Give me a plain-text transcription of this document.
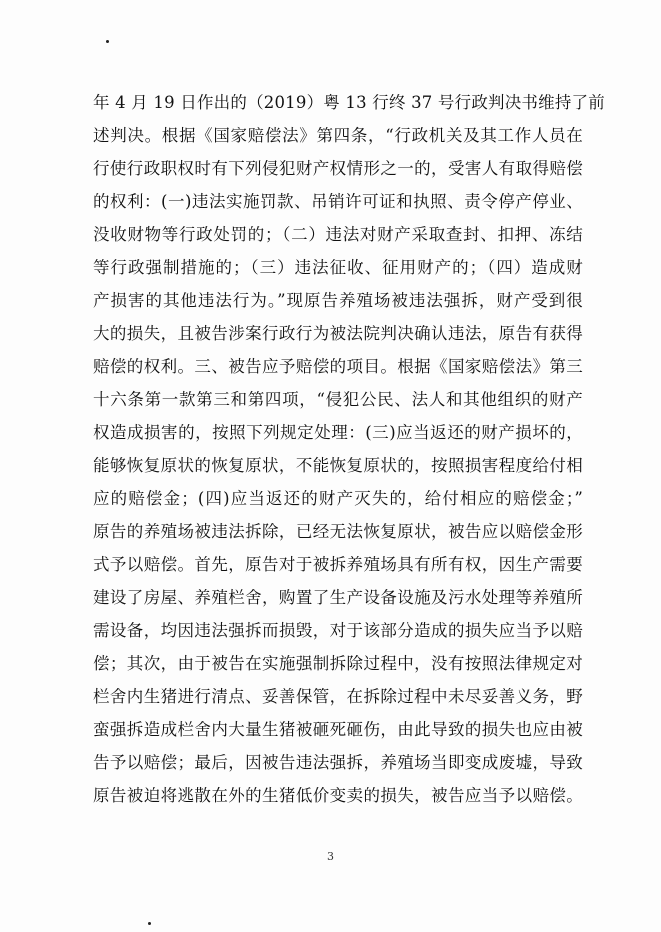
年 4 月 19 日作出的（2019）粤 13 行终 37 号行政判决书维持了前
述判决。根据《国家赔偿法》第四条，“行政机关及其工作人员在
行使行政职权时有下列侵犯财产权情形之一的，受害人有取得赔偿
的权利：(一)违法实施罚款、吊销许可证和执照、责令停产停业、
没收财物等行政处罚的；（二）违法对财产采取查封、扣押、冻结
等行政强制措施的；（三）违法征收、征用财产的；（四）造成财
产损害的其他违法行为。”现原告养殖场被违法强拆，财产受到很
大的损失，且被告涉案行政行为被法院判决确认违法，原告有获得
赔偿的权利。三、被告应予赔偿的项目。根据《国家赔偿法》第三
十六条第一款第三和第四项，“侵犯公民、法人和其他组织的财产
权造成损害的，按照下列规定处理：(三)应当返还的财产损坏的，
能够恢复原状的恢复原状，不能恢复原状的，按照损害程度给付相
应的赔偿金；(四)应当返还的财产灭失的，给付相应的赔偿金；”
原告的养殖场被违法拆除，已经无法恢复原状，被告应以赔偿金形
式予以赔偿。首先，原告对于被拆养殖场具有所有权，因生产需要
建设了房屋、养殖栏舍，购置了生产设备设施及污水处理等养殖所
需设备，均因违法强拆而损毁，对于该部分造成的损失应当予以赔
偿；其次，由于被告在实施强制拆除过程中，没有按照法律规定对
栏舍内生猪进行清点、妥善保管，在拆除过程中未尽妥善义务，野
蛮强拆造成栏舍内大量生猪被砸死砸伤，由此导致的损失也应由被
告予以赔偿；最后，因被告违法强拆，养殖场当即变成废墟，导致
原告被迫将逃散在外的生猪低价变卖的损失，被告应当予以赔偿。
3
